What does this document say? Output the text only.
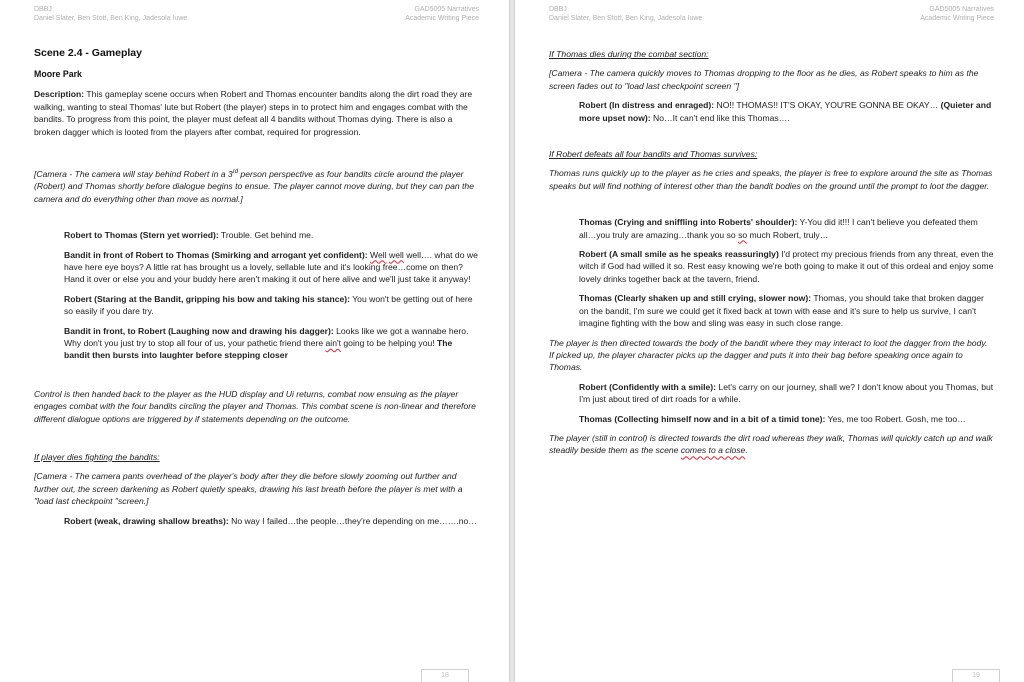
DBBJ
Daniel Slater, Ben Stott, Ben King, Jadesola Iuwe
GAD5005 Narratives
Academic Writing Piece

Scene 2.4 - Gameplay

Moore Park

Description: This gameplay scene occurs when Robert and Thomas encounter bandits along the dirt road they are walking, wanting to steal Thomas' lute but Robert (the player) steps in to protect him and engages combat with the bandits. To progress from this point, the player must defeat all 4 bandits without Thomas dying. There is also a broken dagger which is looted from the players after combat, required for progression.

[Camera - The camera will stay behind Robert in a 3rd person perspective as four bandits circle around the player (Robert) and Thomas shortly before dialogue begins to ensue. The player cannot move during, but they can pan the camera and do everything other than move as normal.]

Robert to Thomas (Stern yet worried): Trouble. Get behind me.

Bandit in front of Robert to Thomas (Smirking and arrogant yet confident): Well well well…. what do we have here eye boys? A little rat has brought us a lovely, sellable lute and it's looking free…come on then? Hand it over or else you and your buddy here aren't making it out of here alive and we'll just take it anyway!

Robert (Staring at the Bandit, gripping his bow and taking his stance): You won't be getting out of here so easily if you dare try.

Bandit in front, to Robert (Laughing now and drawing his dagger): Looks like we got a wannabe hero. Why don't you just try to stop all four of us, your pathetic friend there ain't going to be helping you! The bandit then bursts into laughter before stepping closer

Control is then handed back to the player as the HUD display and Ui returns, combat now ensuing as the player engages combat with the four bandits circling the player and Thomas. This combat scene is non-linear and therefore different dialogue options are triggered by if statements depending on the outcome.

If player dies fighting the bandits:

[Camera - The camera pants overhead of the player's body after they die before slowly zooming out further and further out, the screen darkening as Robert quietly speaks, drawing his last breath before the player is met with a "load last checkpoint "screen.]

Robert (weak, drawing shallow breaths): No way I failed…the people…they're depending on me…….no…

18
DBBJ
Daniel Slater, Ben Stott, Ben King, Jadesola Iuwe
GAD5005 Narratives
Academic Writing Piece

If Thomas dies during the combat section:

[Camera - The camera quickly moves to Thomas dropping to the floor as he dies, as Robert speaks to him as the screen fades out to "load last checkpoint screen "]

Robert (In distress and enraged): NO!! THOMAS!! IT'S OKAY, YOU'RE GONNA BE OKAY… (Quieter and more upset now): No…It can't end like this Thomas….

If Robert defeats all four bandits and Thomas survives:

Thomas runs quickly up to the player as he cries and speaks, the player is free to explore around the site as Thomas speaks but will find nothing of interest other than the bandit bodies on the ground until the prompt to loot the dagger.

Thomas (Crying and sniffling into Roberts' shoulder): Y-You did it!!! I can't believe you defeated them all…you truly are amazing…thank you so so much Robert, truly…

Robert (A small smile as he speaks reassuringly) I'd protect my precious friends from any threat, even the witch if God had willed it so. Rest easy knowing we're both going to make it out of this ordeal and enjoy some lovely drinks together back at the tavern, friend.

Thomas (Clearly shaken up and still crying, slower now): Thomas, you should take that broken dagger on the bandit, I'm sure we could get it fixed back at town with ease and it's sure to help us survive, I can't imagine fighting with the bow and sling was easy in such close range.

The player is then directed towards the body of the bandit where they may interact to loot the dagger from the body. If picked up, the player character picks up the dagger and puts it into their bag before speaking once again to Thomas.

Robert (Confidently with a smile): Let's carry on our journey, shall we? I don't know about you Thomas, but I'm just about tired of dirt roads for a while.

Thomas (Collecting himself now and in a bit of a timid tone): Yes, me too Robert. Gosh, me too…

The player (still in control) is directed towards the dirt road whereas they walk, Thomas will quickly catch up and walk steadily beside them as the scene comes to a close.

19
